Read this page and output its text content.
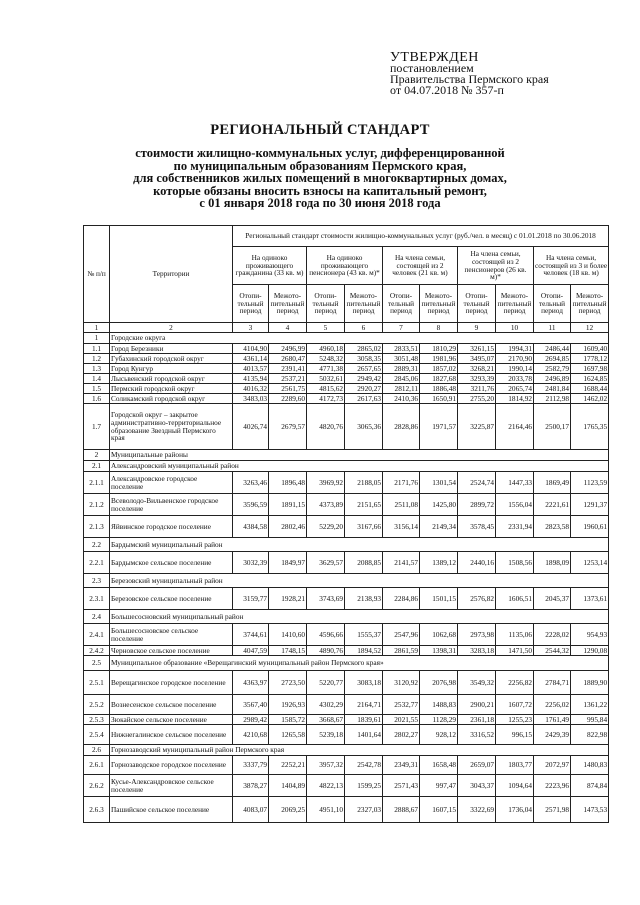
УТВЕРЖДЕН
постановлением
Правительства Пермского края
от 04.07.2018 № 357-п
РЕГИОНАЛЬНЫЙ СТАНДАРТ
стоимости жилищно-коммунальных услуг, дифференцированной
по муниципальным образованиям Пермского края,
для собственников жилых помещений в многоквартирных домах,
которые обязаны вносить взносы на капитальный ремонт,
с 01 января 2018 года по 30 июня 2018 года
№ п/п	Территории	Региональный стандарт стоимости жилищно-коммунальных услуг (руб./чел. в месяц) с 01.01.2018 по 30.06.2018									
		На одиноко проживающего гражданина (33 кв. м)		На одиноко проживающего пенсионера (43 кв. м)*		На члена семьи, состоящей из 2 человек (21 кв. м)		На члена семьи, состоящей из 2 пенсионеров (26 кв. м)*		На члена семьи, состоящей из 3 и более человек (18 кв. м)	
		Отопи-тельный период	Межото-пительный период	Отопи-тельный период	Межото-пительный период	Отопи-тельный период	Межото-пительный период	Отопи-тельный период	Межото-пительный период	Отопи-тельный период	Межото-пительный период
1	2	3	4	5	6	7	8	9	10	11	12
1	Городские округа										
1.1	Город Березники	4104,90	2496,99	4960,18	2865,02	2833,51	1810,29	3261,15	1994,31	2486,44	1609,40
1.2	Губахинский городской округ	4361,14	2680,47	5248,32	3058,35	3051,48	1981,96	3495,07	2170,90	2694,85	1778,12
1.3	Город Кунгур	4013,57	2391,41	4771,38	2657,65	2889,31	1857,02	3268,21	1990,14	2582,79	1697,98
1.4	Лысьвенский городской округ	4135,94	2537,21	5032,61	2949,42	2845,06	1827,68	3293,39	2033,78	2496,89	1624,85
1.5	Пермский городской округ	4016,32	2561,75	4815,62	2920,27	2812,11	1886,48	3211,76	2065,74	2481,84	1688,44
1.6	Соликамский городской округ	3483,03	2289,60	4172,73	2617,63	2410,36	1650,91	2755,20	1814,92	2112,98	1462,02
1.7	Городской округ – закрытое административно-территориальное образование Звездный Пермского края	4026,74	2679,57	4820,76	3065,36	2828,86	1971,57	3225,87	2164,46	2500,17	1765,35
2	Муниципальные районы										
2.1	Александровский муниципальный район										
2.1.1	Александровское городское поселение	3263,46	1896,48	3969,92	2188,05	2171,76	1301,54	2524,74	1447,33	1869,49	1123,59
2.1.2	Всеволодо-Вильвенское городское поселение	3596,59	1891,15	4373,89	2151,65	2511,08	1425,80	2899,72	1556,04	2221,61	1291,37
2.1.3	Яйвинское городское поселение	4384,58	2802,46	5229,20	3167,66	3156,14	2149,34	3578,45	2331,94	2823,58	1960,61
2.2	Бардымский муниципальный район										
2.2.1	Бардымское сельское поселение	3032,39	1849,97	3629,57	2088,85	2141,57	1389,12	2440,16	1508,56	1898,09	1253,14
2.3	Березовский муниципальный район										
2.3.1	Березовское сельское поселение	3159,77	1928,21	3743,69	2138,93	2284,86	1501,15	2576,82	1606,51	2045,37	1373,61
2.4	Большесосновский муниципальный район										
2.4.1	Большесосновское сельское поселение	3744,61	1410,60	4596,66	1555,37	2547,96	1062,68	2973,98	1135,06	2228,02	954,93
2.4.2	Черновское сельское поселение	4047,59	1748,15	4890,76	1894,52	2861,59	1398,31	3283,18	1471,50	2544,32	1290,08
2.5	Муниципальное образование «Верещагинский муниципальный район Пермского края»										
2.5.1	Верещагинское городское поселение	4363,97	2723,50	5220,77	3083,18	3120,92	2076,98	3549,32	2256,82	2784,71	1889,90
2.5.2	Вознесенское сельское поселение	3567,40	1926,93	4302,29	2164,71	2532,77	1488,83	2900,21	1607,72	2256,02	1361,22
2.5.3	Зюкайское сельское поселение	2989,42	1585,72	3668,67	1839,61	2021,55	1128,29	2361,18	1255,23	1761,49	995,84
2.5.4	Нижнегалинское сельское поселение	4210,68	1265,58	5239,18	1401,64	2802,27	928,12	3316,52	996,15	2429,39	822,98
2.6	Горнозаводский муниципальный район Пермского края										
2.6.1	Горнозаводское городское поселение	3337,79	2252,21	3957,32	2542,78	2349,31	1658,48	2659,07	1803,77	2072,97	1480,83
2.6.2	Кусье-Александровское сельское поселение	3878,27	1404,89	4822,13	1599,25	2571,43	997,47	3043,37	1094,64	2223,96	874,84
2.6.3	Пашийское сельское поселение	4083,07	2069,25	4951,10	2327,03	2888,67	1607,15	3322,69	1736,04	2571,98	1473,53
